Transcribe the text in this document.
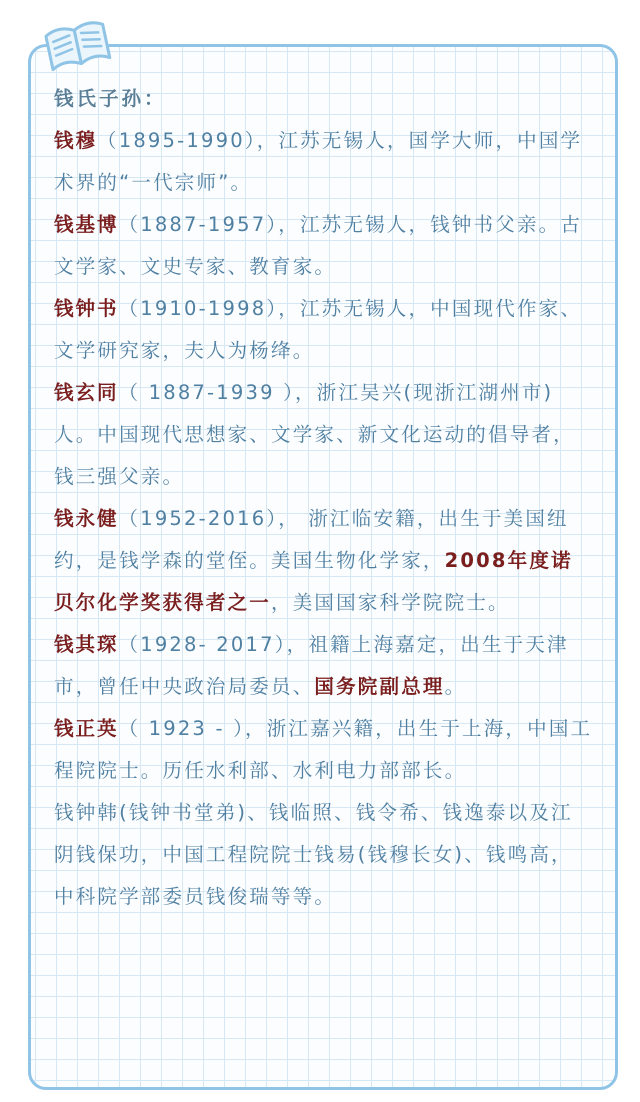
钱氏子孙：

钱穆（1895-1990），江苏无锡人，国学大师，中国学术界的“一代宗师”。

钱基博（1887-1957），江苏无锡人，钱钟书父亲。古文学家、文史专家、教育家。

钱钟书（1910-1998），江苏无锡人，中国现代作家、文学研究家，夫人为杨绛。

钱玄同（ 1887-1939 ），浙江吴兴(现浙江湖州市)人。中国现代思想家、文学家、新文化运动的倡导者，钱三强父亲。

钱永健（1952-2016）， 浙江临安籍，出生于美国纽约，是钱学森的堂侄。美国生物化学家，2008年度诺贝尔化学奖获得者之一，美国国家科学院院士。

钱其琛（1928- 2017），祖籍上海嘉定，出生于天津市，曾任中央政治局委员、国务院副总理。

钱正英（ 1923 - ），浙江嘉兴籍，出生于上海，中国工程院院士。历任水利部、水利电力部部长。

钱钟韩(钱钟书堂弟)、钱临照、钱令希、钱逸泰以及江阴钱保功，中国工程院院士钱易(钱穆长女)、钱鸣高，中科院学部委员钱俊瑞等等。
